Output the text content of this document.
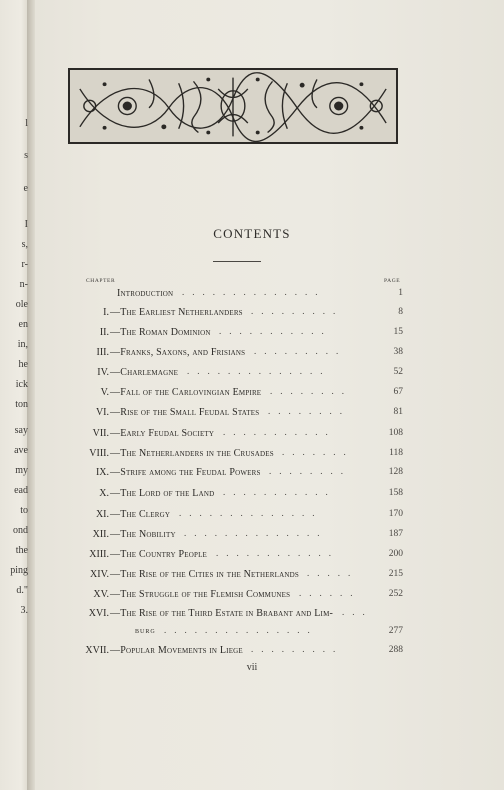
l
s
e
I
s,
r-
n-
ole
en
in,
he
ick
ton
say
ave
my
ead
to
ond
the
ping
d."
3.
CONTENTS
CHAPTER	PAGE
Introduction ..............	1
I. —The Earliest Netherlanders .........	8
II. —The Roman Dominion ...........	15
III. —Franks, Saxons, and Frisians .........	38
IV. —Charlemagne ..............	52
V. —Fall of the Carlovingian Empire ........	67
VI. —Rise of the Small Feudal States ........	81
VII. —Early Feudal Society ...........	108
VIII. —The Netherlanders in the Crusades .......	118
IX. —Strife among the Feudal Powers ........	128
X. —The Lord of the Land ...........	158
XI. —The Clergy ..............	170
XII. —The Nobility ..............	187
XIII. —The Country People ............	200
XIV. —The Rise of the Cities in the Netherlands .....	215
XV. —The Struggle of the Flemish Communes ......	252
XVI. —The Rise of the Third Estate in Brabant and Lim- ...
burg ...............	277
XVII. —Popular Movements in Liege .........	288
vii
